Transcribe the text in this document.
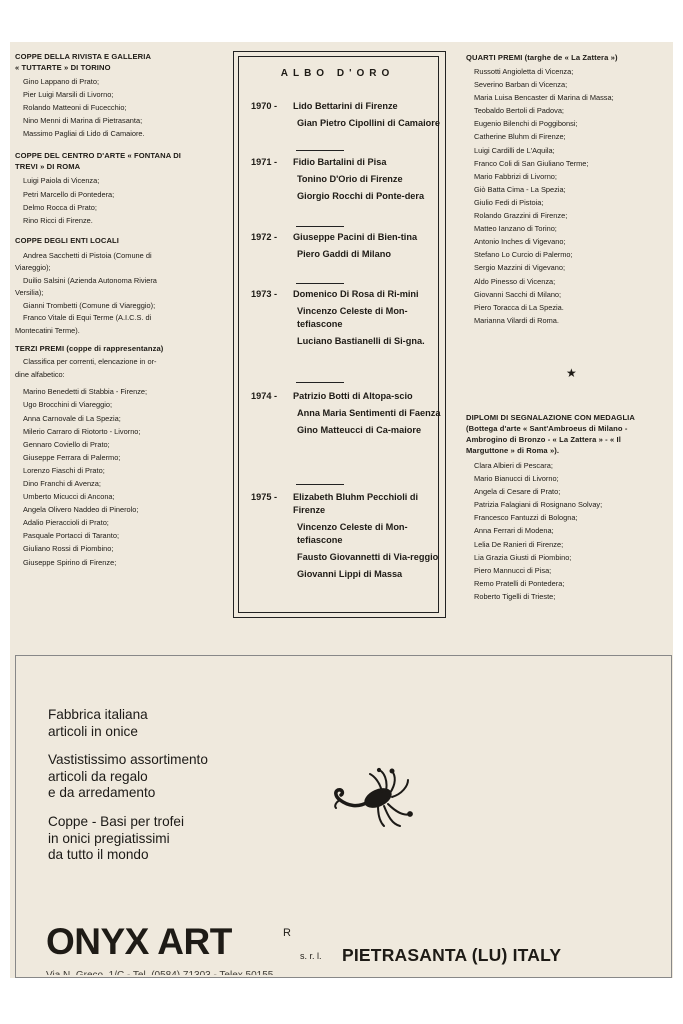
COPPE DELLA RIVISTA E GALLERIA

« TUTTARTE » DI TORINO

Gino Lappano di Prato;

Pier Luigi Marsili di Livorno;

Rolando Matteoni di Fucecchio;

Nino Menni di Marina di Pietrasanta;

Massimo Pagliai di Lido di Camaiore.

COPPE DEL CENTRO D'ARTE « FONTANA DI

TREVI » DI ROMA

Luigi Paiola di Vicenza;

Petri Marcello di Pontedera;

Delmo Rocca di Prato;

Rino Ricci di Firenze.

COPPE DEGLI ENTI LOCALI

Andrea Sacchetti di Pistoia (Comune di

Viareggio);

Duilio Salsini (Azienda Autonoma Riviera

Versilia);

Gianni Trombetti (Comune di Viareggio);

Franco Vitale di Equi Terme (A.I.C.S. di

Montecatini Terme).

TERZI PREMI (coppe di rappresentanza)

Classifica per correnti, elencazione in or-

dine alfabetico:

Marino Benedetti di Stabbia - Firenze;

Ugo Brocchini di Viareggio;

Anna Carnovale di La Spezia;

Milerio Carraro di Riotorto - Livorno;

Gennaro Coviello di Prato;

Giuseppe Ferrara di Palermo;

Lorenzo Fiaschi di Prato;

Dino Franchi di Avenza;

Umberto Micucci di Ancona;

Angela Olivero Naddeo di Pinerolo;

Adalio Pieraccioli di Prato;

Pasquale Portacci di Taranto;

Giuliano Rossi di Piombino;

Giuseppe Spirino di Firenze;

ALBO D'ORO
1970 -	Lido Bettarini di Firenze
Gian Pietro Cipollini di Camaiore
1971 -	Fidio Bartalini di Pisa
Tonino D'Orio di Firenze
Giorgio Rocchi di Ponte-dera
1972 -	Giuseppe Pacini di Bien-tina
Piero Gaddi di Milano
1973 -	Domenico Di Rosa di Ri-mini
Vincenzo Celeste di Mon-tefiascone
Luciano Bastianelli di Si-gna.
1974 -	Patrizio Botti di Altopa-scio
Anna Maria Sentimenti di Faenza
Gino Matteucci di Ca-maiore
1975 -	Elizabeth Bluhm Pecchioli di Firenze
Vincenzo Celeste di Mon-tefiascone
Fausto Giovannetti di Via-reggio
Giovanni Lippi di Massa

QUARTI PREMI (targhe de « La Zattera »)

Russotti Angioletta di Vicenza;

Severino Barban di Vicenza;

Maria Luisa Bencaster di Marina di Massa;

Teobaldo Bertoli di Padova;

Eugenio Bilenchi di Poggibonsi;

Catherine Bluhm di Firenze;

Luigi Cardilli de L'Aquila;

Franco Coli di San Giuliano Terme;

Mario Fabbrizi di Livorno;

Giò Batta Cima - La Spezia;

Giulio Fedi di Pistoia;

Rolando Grazzini di Firenze;

Matteo Ianzano di Torino;

Antonio Inches di Vigevano;

Stefano Lo Curcio di Palermo;

Sergio Mazzini di Vigevano;

Aldo Pinesso di Vicenza;

Giovanni Sacchi di Milano;

Piero Toracca di La Spezia.

Marianna Vilardi di Roma.

★

DIPLOMI DI SEGNALAZIONE CON MEDAGLIA

(Bottega d'arte « Sant'Ambroeus di Milano -

Ambrogino di Bronzo - « La Zattera » - « Il

Marguttone » di Roma »).

Clara Albieri di Pescara;

Mario Bianucci di Livorno;

Angela di Cesare di Prato;

Patrizia Falagiani di Rosignano Solvay;

Francesco Fantuzzi di Bologna;

Anna Ferrari di Modena;

Lelia De Ranieri di Firenze;

Lia Grazia Giusti di Piombino;

Piero Mannucci di Pisa;

Remo Pratelli di Pontedera;

Roberto Tigelli di Trieste;

Fabbrica italiana
articoli in onice
Vastistissimo assortimento
articoli da regalo
e da arredamento
Coppe - Basi per trofei
in onici pregiatissimi
da tutto il mondo
ONYX ART	R
s. r. l. PIETRASANTA (LU) ITALY
